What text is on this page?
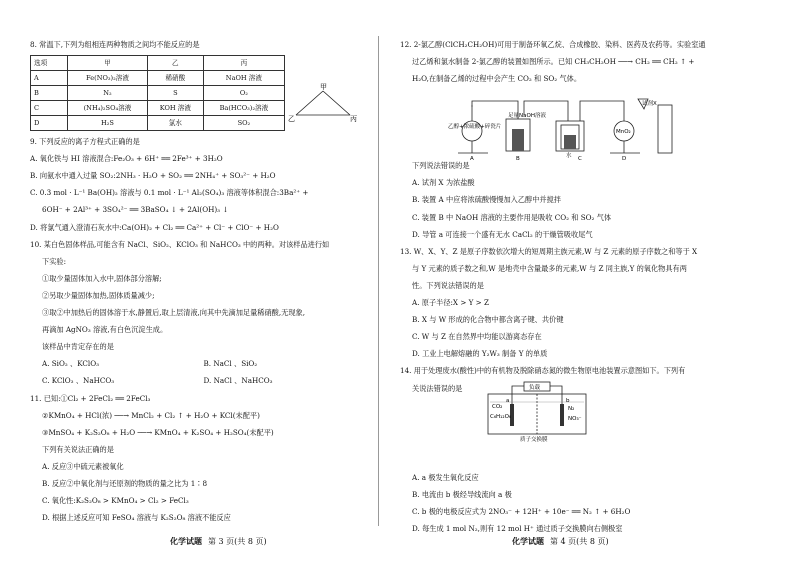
8. 常温下,下列为组相连两种物质之间均不能反应的是

选项	甲	乙	丙
A	Fe(NO₃)₂溶液	稀硝酸	NaOH 溶液
B	N₂	S	O₂
C	(NH₄)₂SO₄溶液	KOH 溶液	Ba(HCO₃)₂溶液
D	H₂S	氯水	SO₂

9. 下列反应的离子方程式正确的是

A. 氧化铁与 HI 溶液混合:Fe₂O₃ + 6H⁺ ══ 2Fe³⁺ + 3H₂O

B. 向氨水中通入过量 SO₂:2NH₃ · H₂O + SO₂ ══ 2NH₄⁺ + SO₃²⁻ + H₂O

C. 0.3 mol · L⁻¹ Ba(OH)₂ 溶液与 0.1 mol · L⁻¹ Al₂(SO₄)₃ 溶液等体积混合:3Ba²⁺ +

6OH⁻ + 2Al³⁺ + 3SO₄²⁻ ══ 3BaSO₄ ↓ + 2Al(OH)₃ ↓

D. 将氯气通入澄清石灰水中:Ca(OH)₂ + Cl₂ ══ Ca²⁺ + Cl⁻ + ClO⁻ + H₂O

10. 某白色固体样品,可能含有 NaCl、SiO₂、KClO₃ 和 NaHCO₃ 中的两种。对该样品进行如

下实验:

①取少量固体加入水中,固体部分溶解;

②另取少量固体加热,固体质量减少;

③取②中加热后的固体溶于水,静置后,取上层清液,向其中先滴加足量稀硝酸,无现象,

再滴加 AgNO₃ 溶液,有白色沉淀生成。

该样品中肯定存在的是

A. SiO₂ 、KClO₃	B. NaCl 、SiO₂
C. KClO₃ 、NaHCO₃	D. NaCl 、NaHCO₃

11. 已知:①Cl₂ + 2FeCl₂ ══ 2FeCl₃

②KMnO₄ + HCl(浓) ──→ MnCl₂ + Cl₂ ↑ + H₂O + KCl(未配平)

③MnSO₄ + K₂S₂O₈ + H₂O ──→ KMnO₄ + K₂SO₄ + H₂SO₄(未配平)

下列有关说法正确的是

A. 反应③中硫元素被氧化

B. 反应②中氧化剂与还原剂的物质的量之比为 1∶8

C. 氧化性:K₂S₂O₈ > KMnO₄ > Cl₂ > FeCl₃

D. 根据上述反应可知 FeSO₄ 溶液与 K₂S₂O₈ 溶液不能反应

甲
乙	丙

12. 2-氯乙醇(ClCH₂CH₂OH)可用于制备环氧乙烷、合成橡胶、染料、医药及农药等。实验室通

过乙烯和氯水制备 2-氯乙醇的装置如图所示。已知 CH₃CH₂OH ──→ CH₂ ══ CH₂ ↑ +

H₂O,在制备乙烯的过程中会产生 CO₂ 和 SO₂ 气体。

下列说法错误的是

A. 试剂 X 为浓盐酸

B. 装置 A 中应将浓硫酸慢慢加入乙醇中并搅拌

C. 装置 B 中 NaOH 溶液的主要作用是吸收 CO₂ 和 SO₂ 气体

D. 导管 a 可连接一个盛有无水 CaCl₂ 的干燥管吸收尾气

13. W、X、Y、Z 是原子序数依次增大的短周期主族元素,W 与 Z 元素的原子序数之和等于 X

与 Y 元素的质子数之和,W 是地壳中含量最多的元素,W 与 Z 同主族,Y 的氧化物具有两

性。下列说法错误的是

A. 原子半径:X > Y > Z

B. X 与 W 形成的化合物中都含离子键、共价键

C. W 与 Z 在自然界中均能以游离态存在

D. 工业上电解熔融的 Y₂W₃ 制备 Y 的单质

14. 用于处理废水(酸性)中的有机物及脱除硝态氮的微生物原电池装置示意图如下。下列有

关说法错误的是

A. a 极发生氧化反应

B. 电流由 b 极经导线流向 a 极

C. b 极的电极反应式为 2NO₃⁻ + 12H⁺ + 10e⁻ ══ N₂ ↑ + 6H₂O

D. 每生成 1 mol N₂,则有 12 mol H⁺ 通过质子交换膜向右侧极室

乙醇+浓硫酸+碎瓷片
足量NaOH溶液
水
试剂X
MnO₂
A	B	C	D
负载
a	b
C₆H₁₂O₆
CO₂
NO₃⁻
N₂
质子交换膜
化学试题 第 3 页(共 8 页)	化学试题 第 4 页(共 8 页)
